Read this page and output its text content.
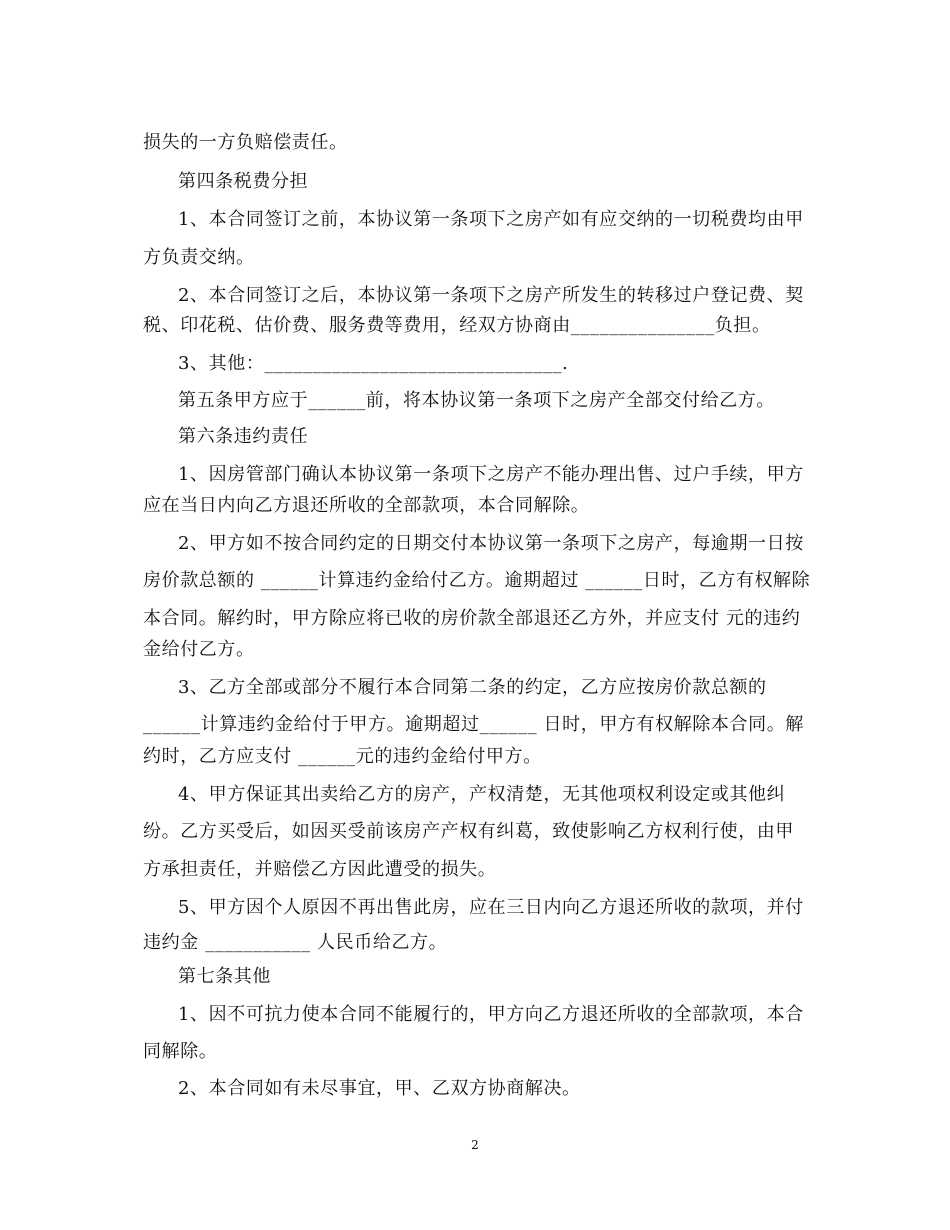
损失的一方负赔偿责任。
第四条税费分担
1、本合同签订之前，本协议第一条项下之房产如有应交纳的一切税费均由甲
方负责交纳。
2、本合同签订之后，本协议第一条项下之房产所发生的转移过户登记费、契
税、印花税、估价费、服务费等费用，经双方协商由_______________负担。
3、其他：_______________________________.
第五条甲方应于______前，将本协议第一条项下之房产全部交付给乙方。
第六条违约责任
1、因房管部门确认本协议第一条项下之房产不能办理出售、过户手续，甲方
应在当日内向乙方退还所收的全部款项，本合同解除。
2、甲方如不按合同约定的日期交付本协议第一条项下之房产，每逾期一日按
房价款总额的 ______计算违约金给付乙方。逾期超过 ______日时，乙方有权解除
本合同。解约时，甲方除应将已收的房价款全部退还乙方外，并应支付 元的违约
金给付乙方。
3、乙方全部或部分不履行本合同第二条的约定，乙方应按房价款总额的
______计算违约金给付于甲方。逾期超过______ 日时，甲方有权解除本合同。解
约时，乙方应支付 ______元的违约金给付甲方。
4、甲方保证其出卖给乙方的房产，产权清楚，无其他项权利设定或其他纠
纷。乙方买受后，如因买受前该房产产权有纠葛，致使影响乙方权利行使，由甲
方承担责任，并赔偿乙方因此遭受的损失。
5、甲方因个人原因不再出售此房，应在三日内向乙方退还所收的款项，并付
违约金 ___________ 人民币给乙方。
第七条其他
1、因不可抗力使本合同不能履行的，甲方向乙方退还所收的全部款项，本合
同解除。
2、本合同如有未尽事宜，甲、乙双方协商解决。
2
